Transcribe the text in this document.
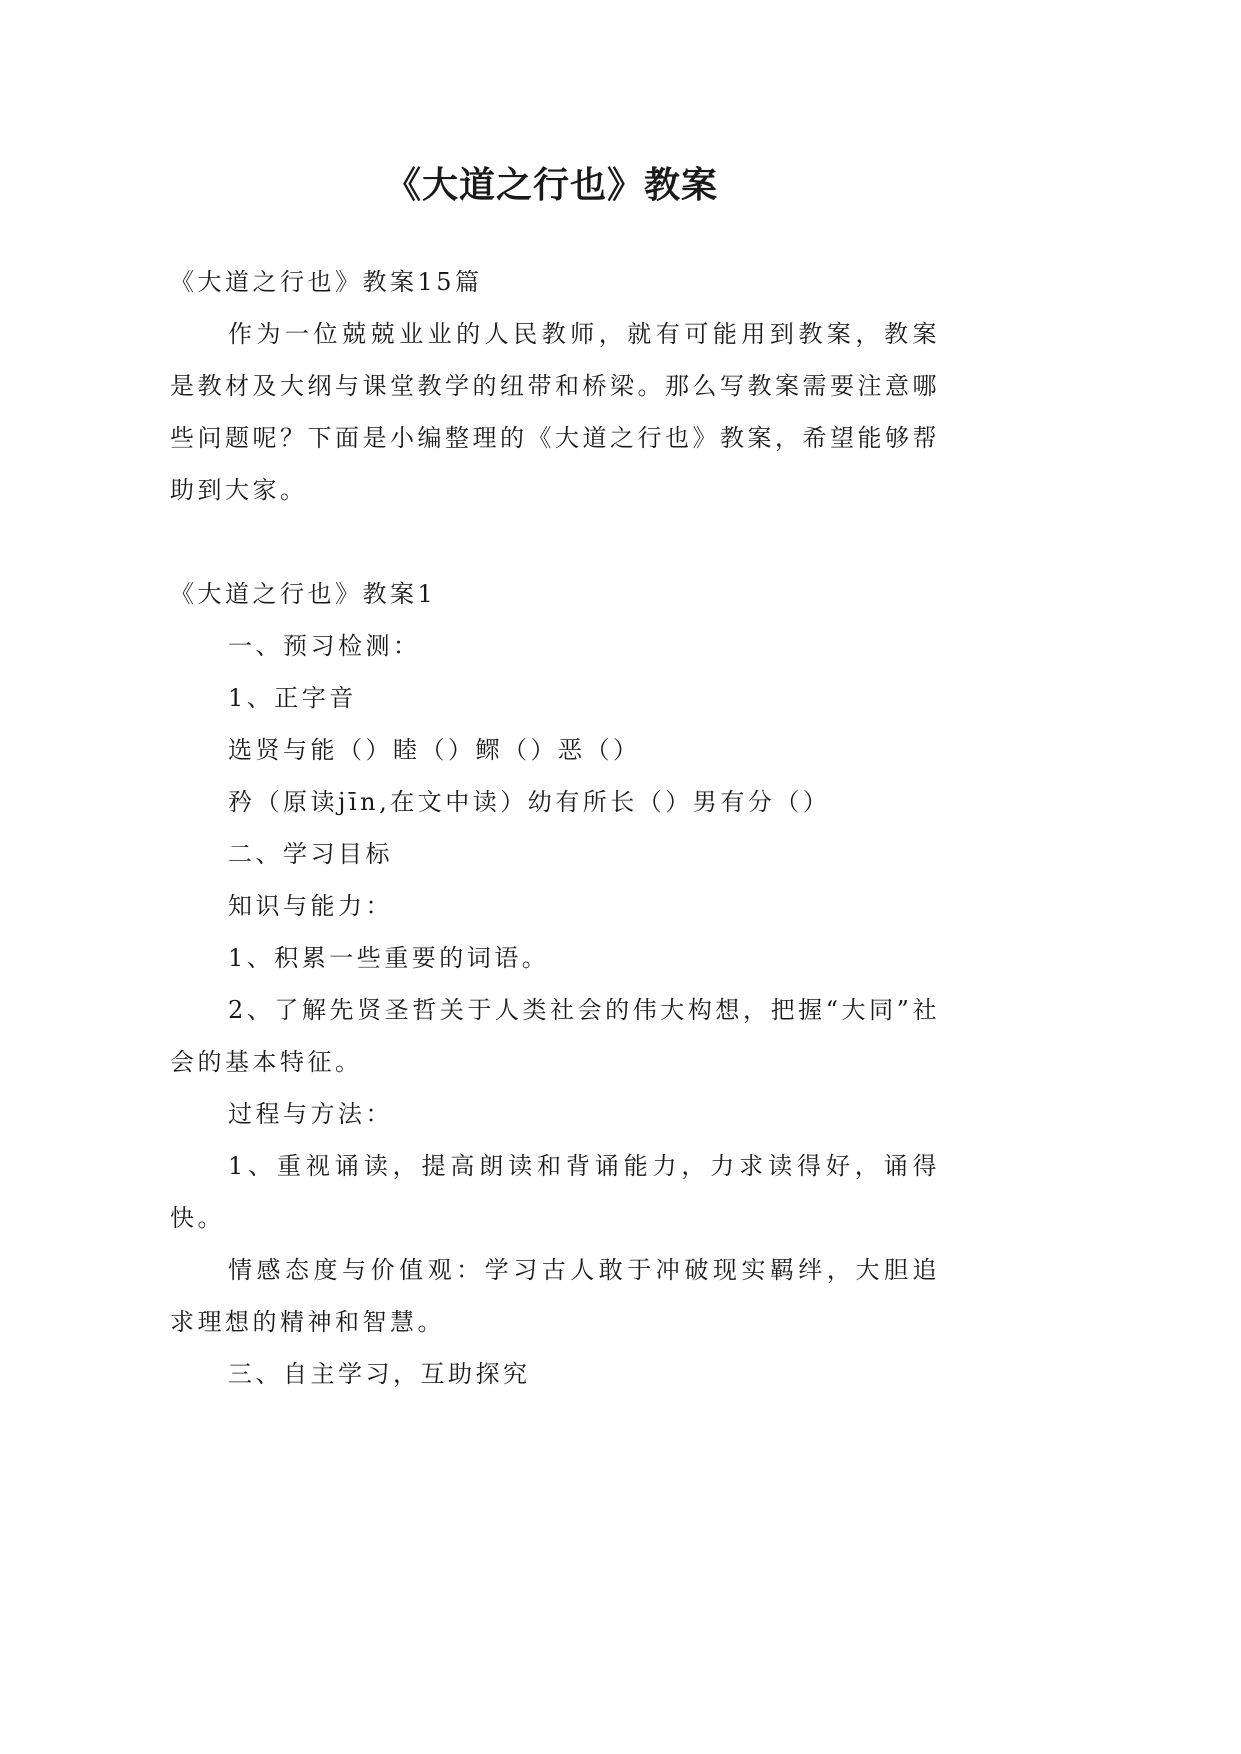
《大道之行也》教案

《大道之行也》教案15篇

作为一位兢兢业业的人民教师，就有可能用到教案，教案是教材及大纲与课堂教学的纽带和桥梁。那么写教案需要注意哪些问题呢？下面是小编整理的《大道之行也》教案，希望能够帮助到大家。

《大道之行也》教案1

一、预习检测：

1、正字音

选贤与能（）睦（）鳏（）恶（）

矜（原读jīn,在文中读）幼有所长（）男有分（）

二、学习目标

知识与能力：

1、积累一些重要的词语。

2、了解先贤圣哲关于人类社会的伟大构想，把握“大同”社会的基本特征。

过程与方法：

1、重视诵读，提高朗读和背诵能力，力求读得好，诵得快。

情感态度与价值观：学习古人敢于冲破现实羁绊，大胆追求理想的精神和智慧。

三、自主学习，互助探究
